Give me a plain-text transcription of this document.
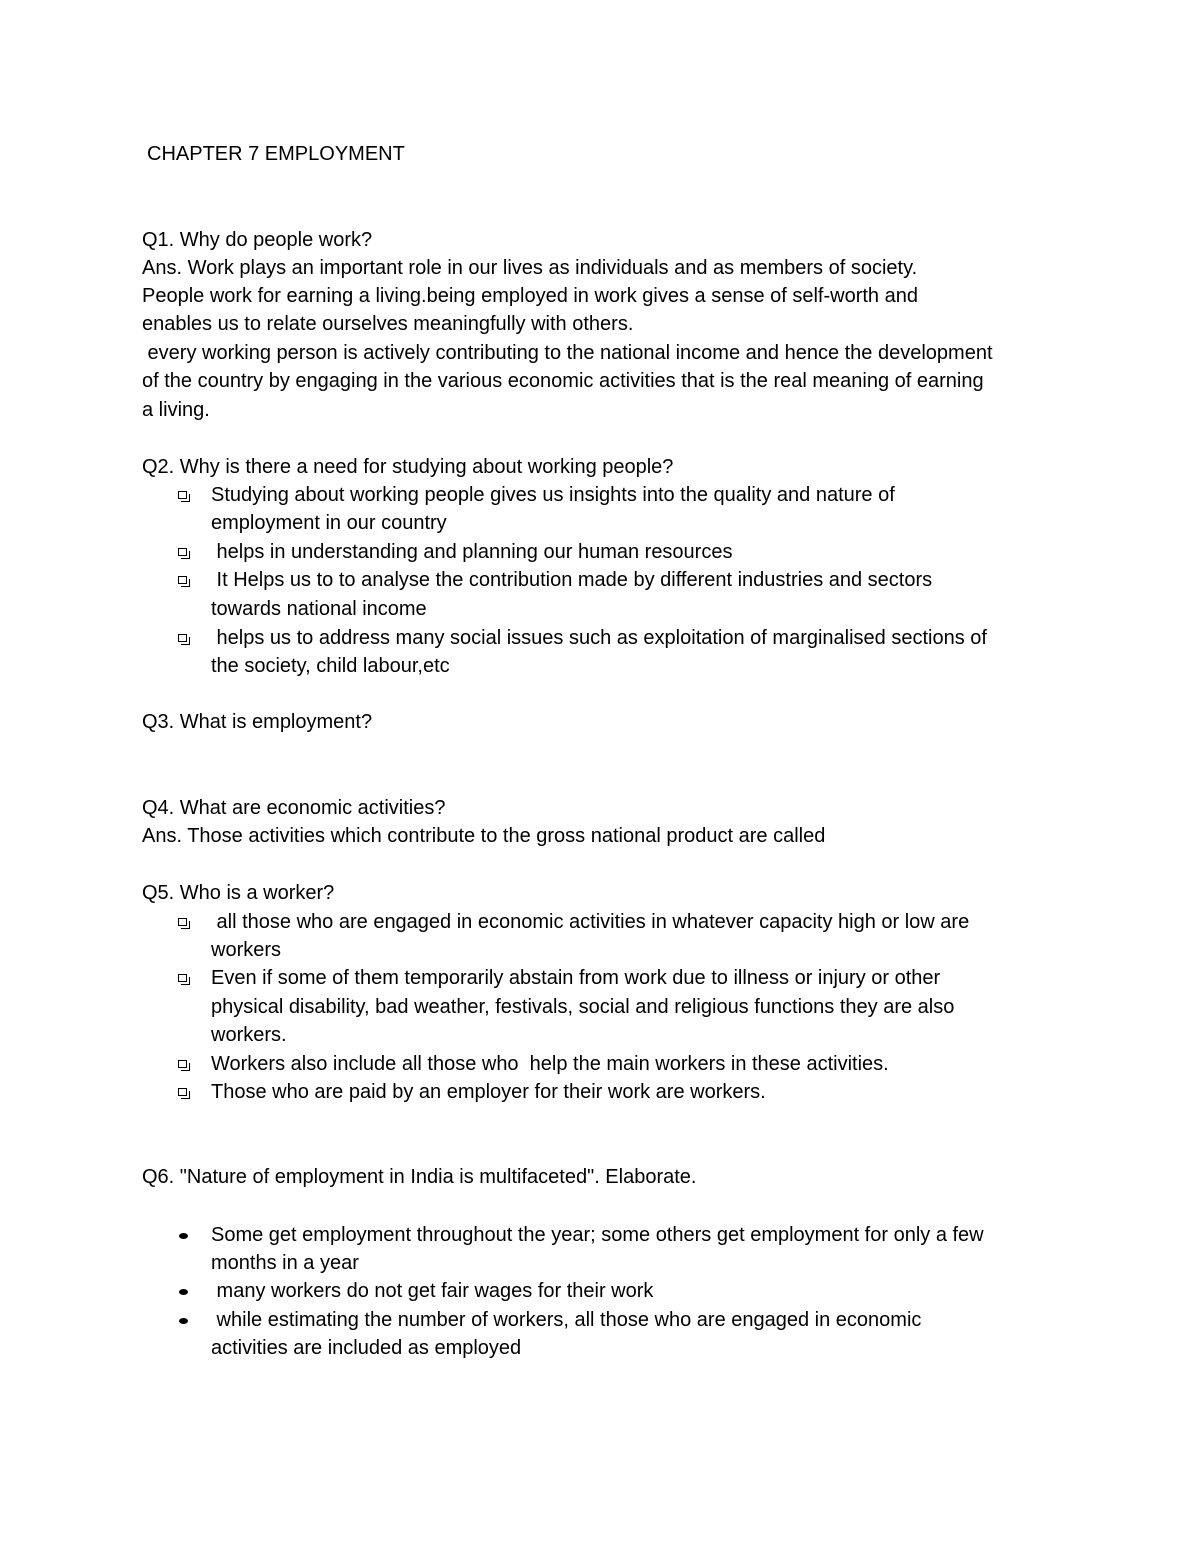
CHAPTER 7 EMPLOYMENT
Q1. Why do people work?
Ans. Work plays an important role in our lives as individuals and as members of society.
People work for earning a living.being employed in work gives a sense of self-worth and
enables us to relate ourselves meaningfully with others.
every working person is actively contributing to the national income and hence the development
of the country by engaging in the various economic activities that is the real meaning of earning
a living.
Q2. Why is there a need for studying about working people?
Studying about working people gives us insights into the quality and nature of
employment in our country
helps in understanding and planning our human resources
It Helps us to to analyse the contribution made by different industries and sectors
towards national income
helps us to address many social issues such as exploitation of marginalised sections of
the society, child labour,etc
Q3. What is employment?
Q4. What are economic activities?
Ans. Those activities which contribute to the gross national product are called
Q5. Who is a worker?
all those who are engaged in economic activities in whatever capacity high or low are
workers
Even if some of them temporarily abstain from work due to illness or injury or other
physical disability, bad weather, festivals, social and religious functions they are also
workers.
Workers also include all those who  help the main workers in these activities.
Those who are paid by an employer for their work are workers.
Q6. "Nature of employment in India is multifaceted". Elaborate.
Some get employment throughout the year; some others get employment for only a few
months in a year
many workers do not get fair wages for their work
while estimating the number of workers, all those who are engaged in economic
activities are included as employed
